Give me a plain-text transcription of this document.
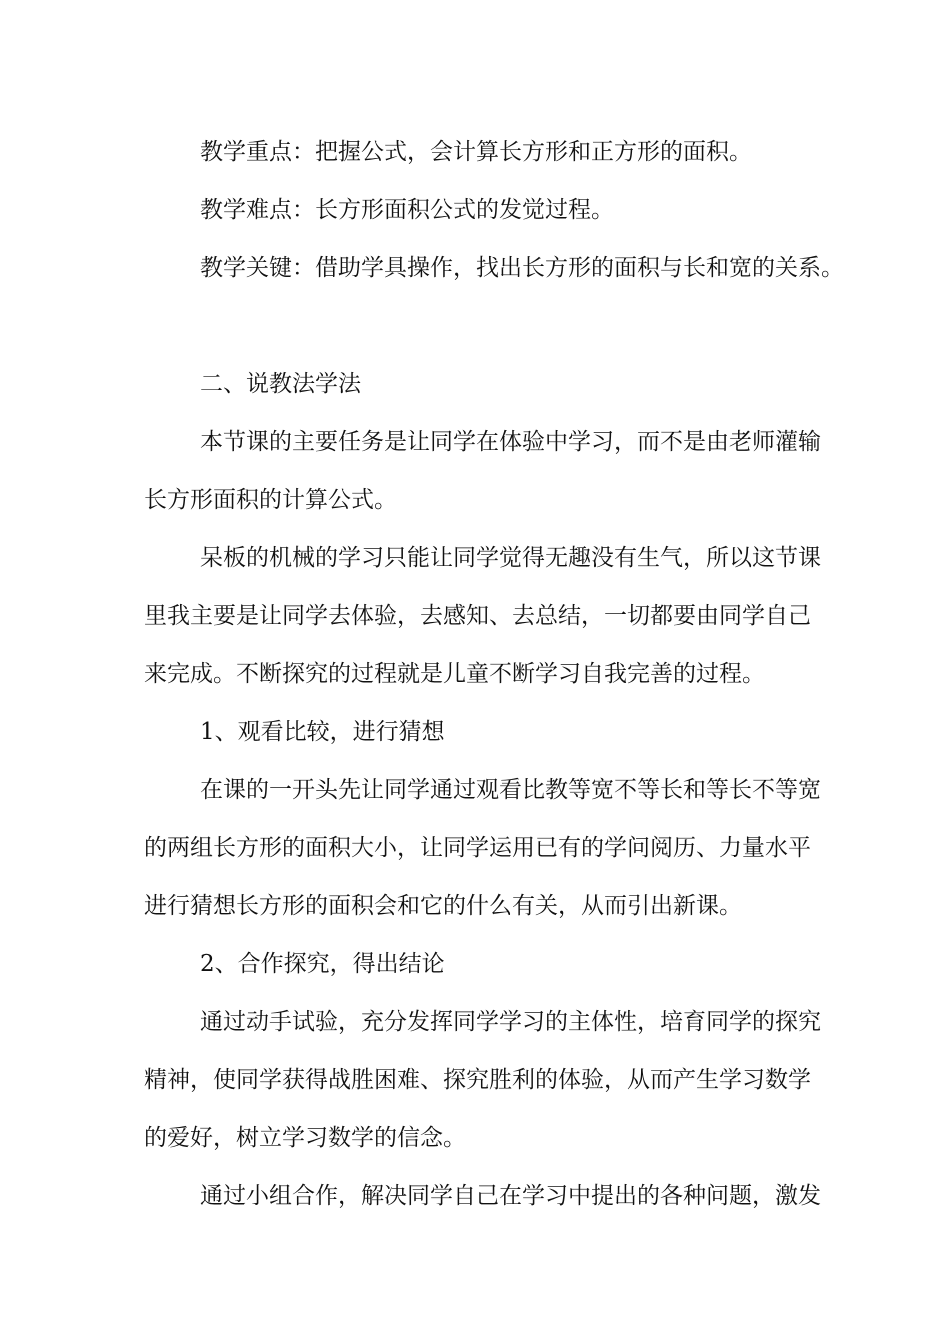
教学重点：把握公式，会计算长方形和正方形的面积。
教学难点：长方形面积公式的发觉过程。
教学关键：借助学具操作，找出长方形的面积与长和宽的关系。
二、说教法学法
本节课的主要任务是让同学在体验中学习，而不是由老师灌输
长方形面积的计算公式。
呆板的机械的学习只能让同学觉得无趣没有生气，所以这节课
里我主要是让同学去体验，去感知、去总结，一切都要由同学自己
来完成。不断探究的过程就是儿童不断学习自我完善的过程。
1、观看比较，进行猜想
在课的一开头先让同学通过观看比教等宽不等长和等长不等宽
的两组长方形的面积大小，让同学运用已有的学问阅历、力量水平
进行猜想长方形的面积会和它的什么有关，从而引出新课。
2、合作探究，得出结论
通过动手试验，充分发挥同学学习的主体性，培育同学的探究
精神，使同学获得战胜困难、探究胜利的体验，从而产生学习数学
的爱好，树立学习数学的信念。
通过小组合作，解决同学自己在学习中提出的各种问题，激发
